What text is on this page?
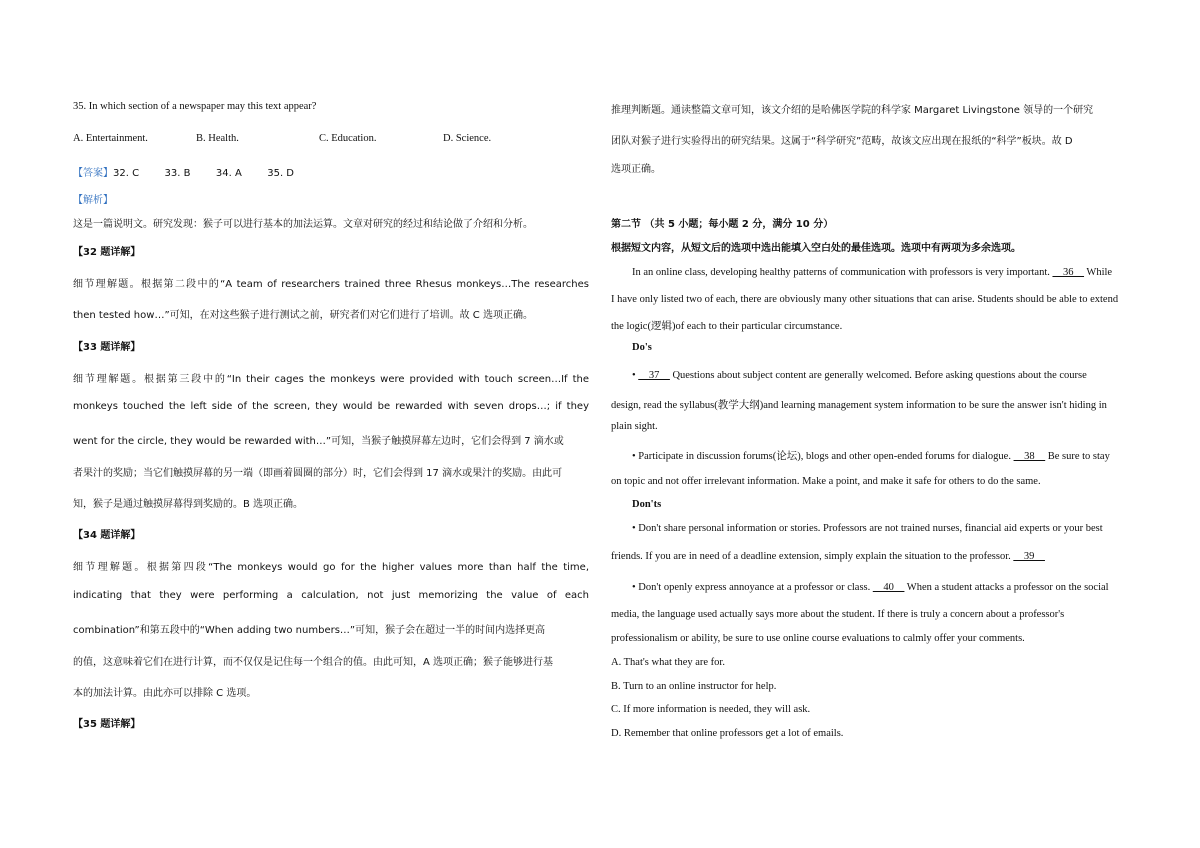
35. In which section of a newspaper may this text appear?
A. Entertainment.	B. Health.	C. Education.	D. Science.
【答案】32. C        33. B        34. A        35. D
【解析】
这是一篇说明文。研究发现：猴子可以进行基本的加法运算。文章对研究的经过和结论做了介绍和分析。
【32 题详解】
细节理解题。根据第二段中的“A team of researchers trained three Rhesus monkeys…The researches
then tested how…”可知，在对这些猴子进行测试之前，研究者们对它们进行了培训。故 C 选项正确。
【33 题详解】
细节理解题。根据第三段中的“In their cages the monkeys were provided with touch screen…If the
monkeys touched the left side of the screen, they would be rewarded with seven drops…; if they
went for the circle, they would be rewarded with…”可知，当猴子触摸屏幕左边时，它们会得到 7 滴水或
者果汁的奖励；当它们触摸屏幕的另一端（即画着圆圈的部分）时，它们会得到 17 滴水或果汁的奖励。由此可
知，猴子是通过触摸屏幕得到奖励的。B 选项正确。
【34 题详解】
细节理解题。根据第四段“The monkeys would go for the higher values more than half the time,
indicating that they were performing a calculation, not just memorizing the value of each
combination”和第五段中的“When adding two numbers…”可知，猴子会在超过一半的时间内选择更高
的值，这意味着它们在进行计算，而不仅仅是记住每一个组合的值。由此可知，A 选项正确；猴子能够进行基
本的加法计算。由此亦可以排除 C 选项。
【35 题详解】
推理判断题。通读整篇文章可知，该文介绍的是哈佛医学院的科学家 Margaret Livingstone 领导的一个研究
团队对猴子进行实验得出的研究结果。这属于“科学研究”范畴，故该文应出现在报纸的“科学”板块。故 D
选项正确。
第二节 （共 5 小题；每小题 2 分，满分 10 分）
根据短文内容，从短文后的选项中选出能填入空白处的最佳选项。选项中有两项为多余选项。
In an online class, developing healthy patterns of communication with professors is very important. __36__ While
I have only listed two of each, there are obviously many other situations that can arise. Students should be able to extend
the logic(逻辑)of each to their particular circumstance.
Do's
• __37__ Questions about subject content are generally welcomed. Before asking questions about the course
design, read the syllabus(教学大纲)and learning management system information to be sure the answer isn't hiding in
plain sight.
• Participate in discussion forums(论坛), blogs and other open-ended forums for dialogue. __38__ Be sure to stay
on topic and not offer irrelevant information. Make a point, and make it safe for others to do the same.
Don'ts
• Don't share personal information or stories. Professors are not trained nurses, financial aid experts or your best
friends. If you are in need of a deadline extension, simply explain the situation to the professor. __39__
• Don't openly express annoyance at a professor or class. __40__ When a student attacks a professor on the social
media, the language used actually says more about the student. If there is truly a concern about a professor's
professionalism or ability, be sure to use online course evaluations to calmly offer your comments.
A. That's what they are for.
B. Turn to an online instructor for help.
C. If more information is needed, they will ask.
D. Remember that online professors get a lot of emails.
